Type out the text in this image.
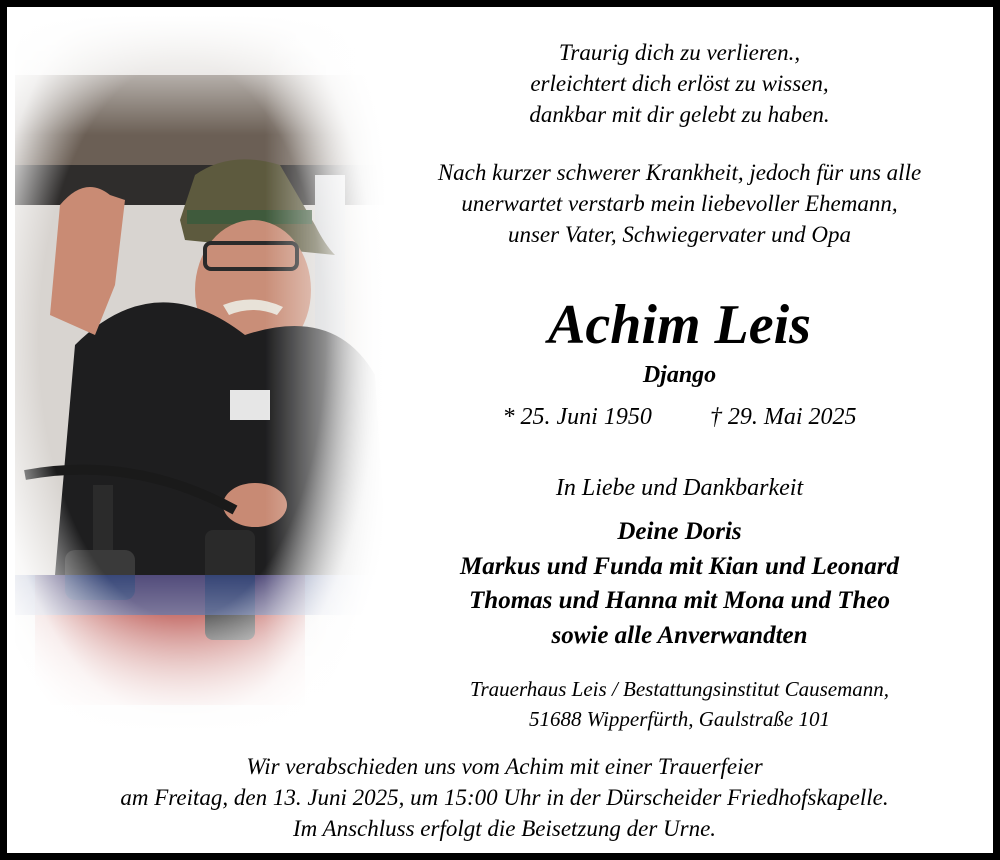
Traurig dich zu verlieren.,
erleichtert dich erlöst zu wissen,
dankbar mit dir gelebt zu haben.
Nach kurzer schwerer Krankheit, jedoch für uns alle
unerwartet verstarb mein liebevoller Ehemann,
unser Vater, Schwiegervater und Opa
Achim Leis
Django
* 25. Juni 1950 † 29. Mai 2025
In Liebe und Dankbarkeit
Deine Doris
Markus und Funda mit Kian und Leonard
Thomas und Hanna mit Mona und Theo
sowie alle Anverwandten
Trauerhaus Leis / Bestattungsinstitut Causemann,
51688 Wipperfürth, Gaulstraße 101
Wir verabschieden uns vom Achim mit einer Trauerfeier
am Freitag, den 13. Juni 2025, um 15:00 Uhr in der Dürscheider Friedhofskapelle.
Im Anschluss erfolgt die Beisetzung der Urne.
